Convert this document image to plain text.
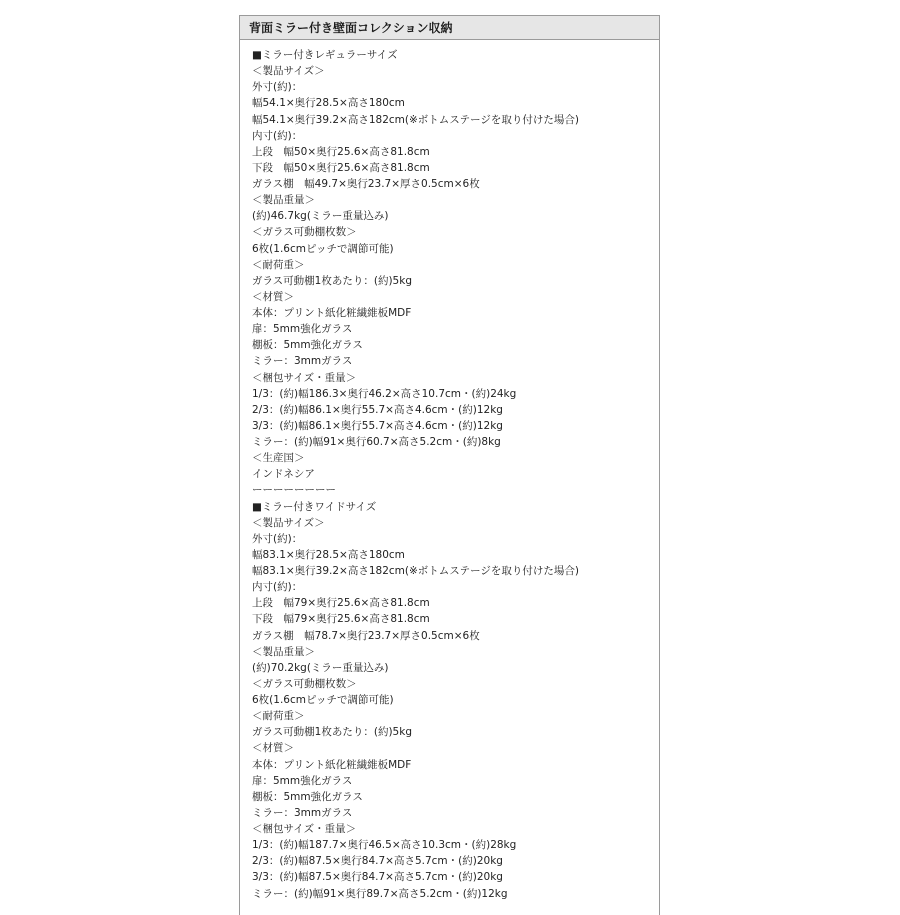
背面ミラー付き壁面コレクション収納
■ミラー付きレギュラーサイズ
＜製品サイズ＞
外寸(約)：
幅54.1×奥行28.5×高さ180cm
幅54.1×奥行39.2×高さ182cm(※ボトムステージを取り付けた場合)
内寸(約)：
上段　幅50×奥行25.6×高さ81.8cm
下段　幅50×奥行25.6×高さ81.8cm
ガラス棚　幅49.7×奥行23.7×厚さ0.5cm×6枚
＜製品重量＞
(約)46.7kg(ミラー重量込み)
＜ガラス可動棚枚数＞
6枚(1.6cmピッチで調節可能)
＜耐荷重＞
ガラス可動棚1枚あたり：(約)5kg
＜材質＞
本体：プリント紙化粧繊維板MDF
扉：5mm強化ガラス
棚板：5mm強化ガラス
ミラー：3mmガラス
＜梱包サイズ・重量＞
1/3：(約)幅186.3×奥行46.2×高さ10.7cm・(約)24kg
2/3：(約)幅86.1×奥行55.7×高さ4.6cm・(約)12kg
3/3：(約)幅86.1×奥行55.7×高さ4.6cm・(約)12kg
ミラー：(約)幅91×奥行60.7×高さ5.2cm・(約)8kg
＜生産国＞
インドネシア
ーーーーーーーー
■ミラー付きワイドサイズ
＜製品サイズ＞
外寸(約)：
幅83.1×奥行28.5×高さ180cm
幅83.1×奥行39.2×高さ182cm(※ボトムステージを取り付けた場合)
内寸(約)：
上段　幅79×奥行25.6×高さ81.8cm
下段　幅79×奥行25.6×高さ81.8cm
ガラス棚　幅78.7×奥行23.7×厚さ0.5cm×6枚
＜製品重量＞
(約)70.2kg(ミラー重量込み)
＜ガラス可動棚枚数＞
6枚(1.6cmピッチで調節可能)
＜耐荷重＞
ガラス可動棚1枚あたり：(約)5kg
＜材質＞
本体：プリント紙化粧繊維板MDF
扉：5mm強化ガラス
棚板：5mm強化ガラス
ミラー：3mmガラス
＜梱包サイズ・重量＞
1/3：(約)幅187.7×奥行46.5×高さ10.3cm・(約)28kg
2/3：(約)幅87.5×奥行84.7×高さ5.7cm・(約)20kg
3/3：(約)幅87.5×奥行84.7×高さ5.7cm・(約)20kg
ミラー：(約)幅91×奥行89.7×高さ5.2cm・(約)12kg
